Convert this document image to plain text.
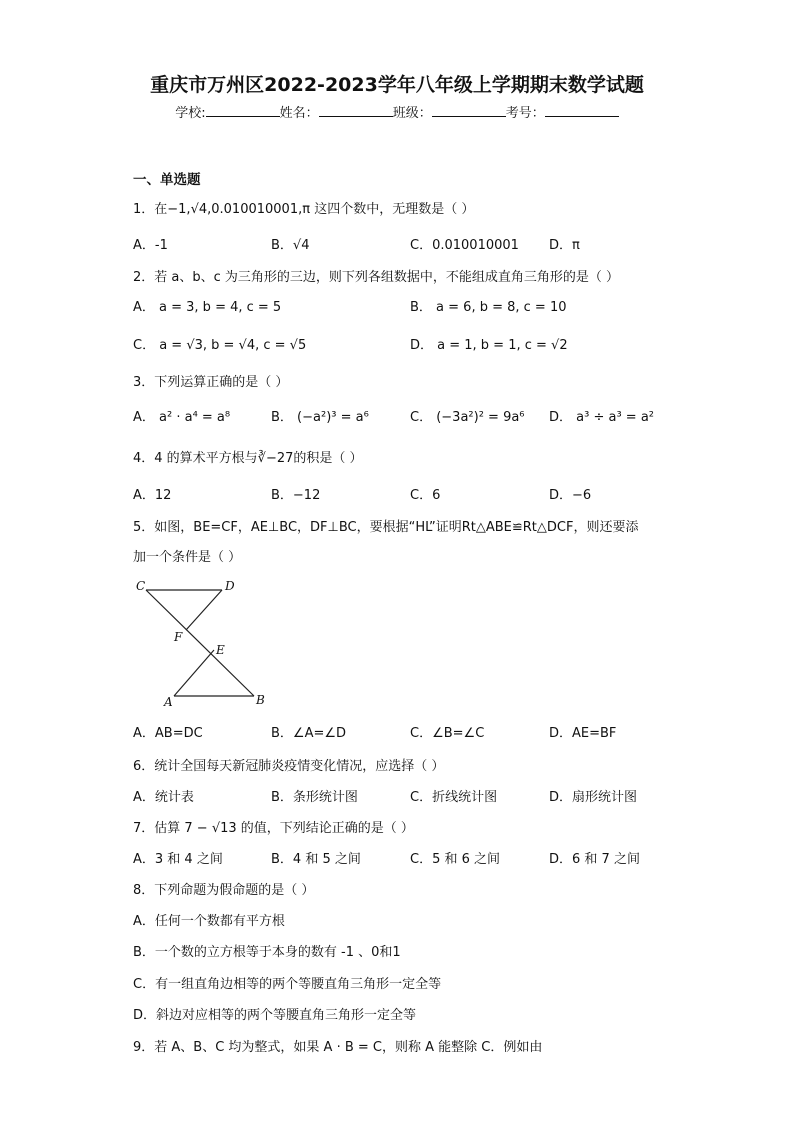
重庆市万州区2022-2023学年八年级上学期期末数学试题
学校:	姓名：	班级：	考号：
一、单选题
1．在−1,√4,0.010010001,π 这四个数中，无理数是（ ）
A．-1	B．√4	C．0.010010001 D．π
2．若 a、b、c 为三角形的三边，则下列各组数据中，不能组成直角三角形的是（ ）
A． a = 3, b = 4, c = 5	B． a = 6, b = 8, c = 10
C． a = √3, b = √4, c = √5	D． a = 1, b = 1, c = √2
3．下列运算正确的是（ ）
A． a² · a⁴ = a⁸	B． (−a²)³ = a⁶	C． (−3a²)² = 9a⁶ D． a³ ÷ a³ = a²
4．4 的算术平方根与∛−27的积是（ ）
A．12	B．−12	C．6	D．−6
5．如图，BE=CF，AE⊥BC，DF⊥BC，要根据“HL”证明Rt△ABE≌Rt△DCF，则还要添
加一个条件是（ ）
C	D
F
E
A	B
A．AB=DC	B．∠A=∠D	C．∠B=∠C	D．AE=BF
6．统计全国每天新冠肺炎疫情变化情况，应选择（ ）
A．统计表	B．条形统计图	C．折线统计图	D．扇形统计图
7．估算 7 − √13 的值，下列结论正确的是（ ）
A．3 和 4 之间	B．4 和 5 之间	C．5 和 6 之间	D．6 和 7 之间
8．下列命题为假命题的是（ ）
A．任何一个数都有平方根
B．一个数的立方根等于本身的数有 -1 、0和1
C．有一组直角边相等的两个等腰直角三角形一定全等
D．斜边对应相等的两个等腰直角三角形一定全等
9．若 A、B、C 均为整式，如果 A · B = C，则称 A 能整除 C．例如由
